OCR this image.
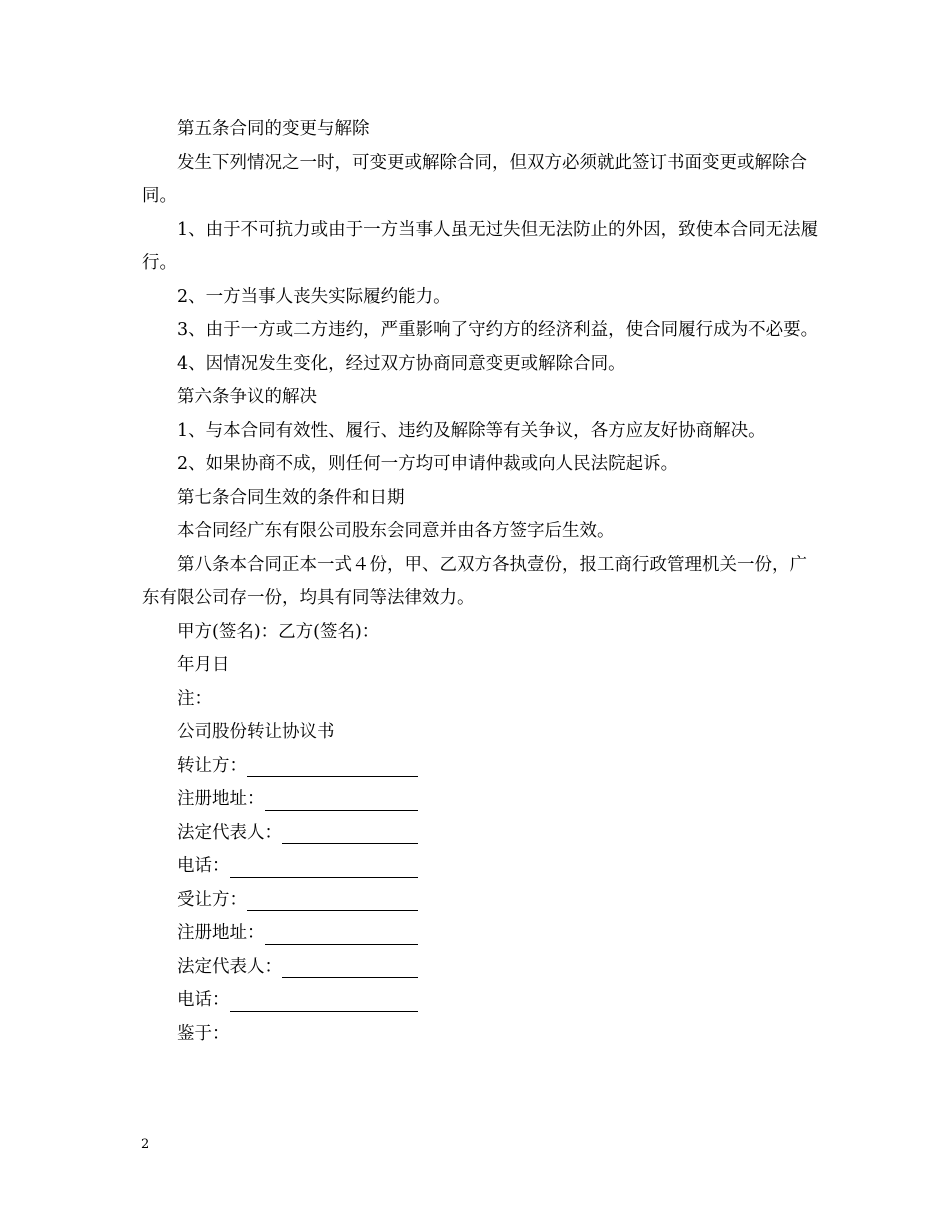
第五条合同的变更与解除

发生下列情况之一时，可变更或解除合同，但双方必须就此签订书面变更或解除合同。

1、由于不可抗力或由于一方当事人虽无过失但无法防止的外因，致使本合同无法履行。

2、一方当事人丧失实际履约能力。

3、由于一方或二方违约，严重影响了守约方的经济利益，使合同履行成为不必要。

4、因情况发生变化，经过双方协商同意变更或解除合同。

第六条争议的解决

1、与本合同有效性、履行、违约及解除等有关争议，各方应友好协商解决。

2、如果协商不成，则任何一方均可申请仲裁或向人民法院起诉。

第七条合同生效的条件和日期

本合同经广东有限公司股东会同意并由各方签字后生效。

第八条本合同正本一式４份，甲、乙双方各执壹份，报工商行政管理机关一份，广东有限公司存一份，均具有同等法律效力。

甲方(签名)：乙方(签名)：

年月日

注：

公司股份转让协议书

转让方：
注册地址：
法定代表人：
电话：
受让方：
注册地址：
法定代表人：
电话：

鉴于：

2
